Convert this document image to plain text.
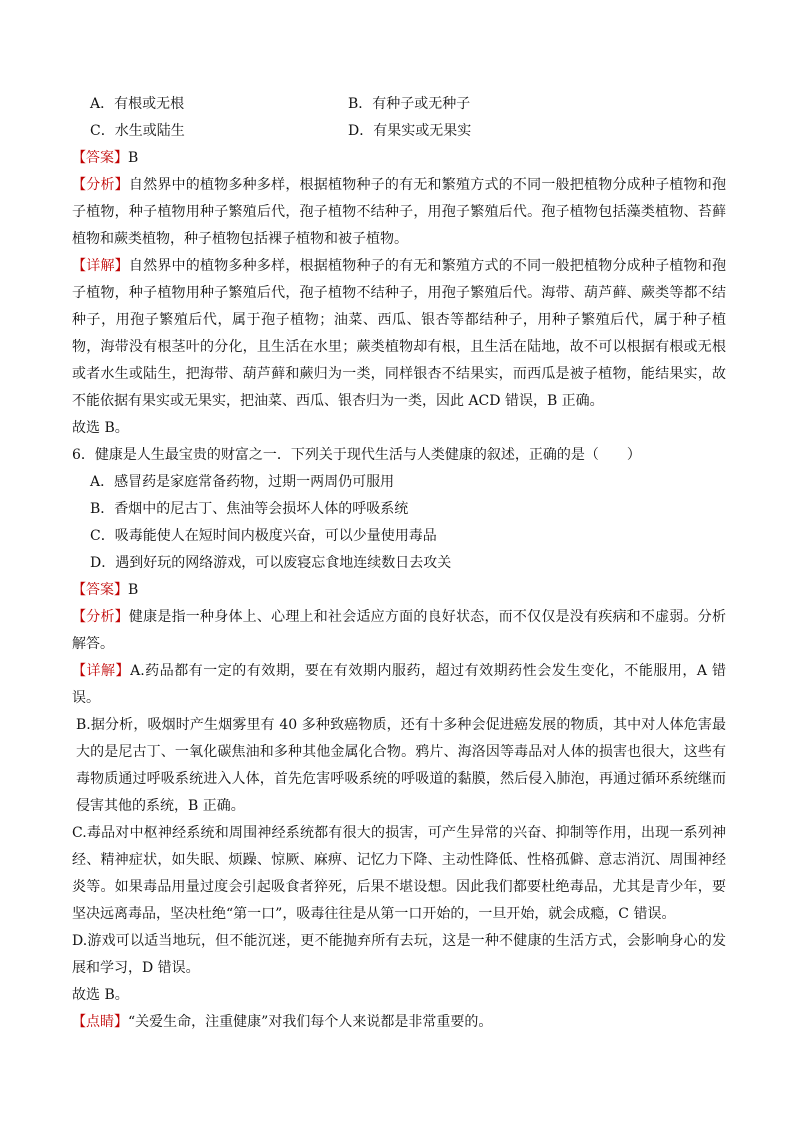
A．有根或无根	B．有种子或无种子
C．水生或陆生	D．有果实或无果实

【答案】B

【分析】自然界中的植物多种多样，根据植物种子的有无和繁殖方式的不同一般把植物分成种子植物和孢子植物，种子植物用种子繁殖后代，孢子植物不结种子，用孢子繁殖后代。孢子植物包括藻类植物、苔藓植物和蕨类植物，种子植物包括裸子植物和被子植物。

【详解】自然界中的植物多种多样，根据植物种子的有无和繁殖方式的不同一般把植物分成种子植物和孢子植物，种子植物用种子繁殖后代，孢子植物不结种子，用孢子繁殖后代。海带、葫芦藓、蕨类等都不结种子，用孢子繁殖后代，属于孢子植物；油菜、西瓜、银杏等都结种子，用种子繁殖后代，属于种子植物，海带没有根茎叶的分化，且生活在水里；蕨类植物却有根，且生活在陆地，故不可以根据有根或无根或者水生或陆生，把海带、葫芦藓和蕨归为一类，同样银杏不结果实，而西瓜是被子植物，能结果实，故不能依据有果实或无果实，把油菜、西瓜、银杏归为一类，因此 ACD 错误，B 正确。

故选 B。

6．健康是人生最宝贵的财富之一．下列关于现代生活与人类健康的叙述，正确的是（　　）

A．感冒药是家庭常备药物，过期一两周仍可服用

B．香烟中的尼古丁、焦油等会损坏人体的呼吸系统

C．吸毒能使人在短时间内极度兴奋，可以少量使用毒品

D．遇到好玩的网络游戏，可以废寝忘食地连续数日去攻关

【答案】B

【分析】健康是指一种身体上、心理上和社会适应方面的良好状态，而不仅仅是没有疾病和不虚弱。分析解答。

【详解】A.药品都有一定的有效期，要在有效期内服药，超过有效期药性会发生变化，不能服用，A 错误。

B.据分析，吸烟时产生烟雾里有 40 多种致癌物质，还有十多种会促进癌发展的物质，其中对人体危害最大的是尼古丁、一氧化碳焦油和多种其他金属化合物。鸦片、海洛因等毒品对人体的损害也很大，这些有毒物质通过呼吸系统进入人体，首先危害呼吸系统的呼吸道的黏膜，然后侵入肺泡，再通过循环系统继而侵害其他的系统，B 正确。

C.毒品对中枢神经系统和周围神经系统都有很大的损害，可产生异常的兴奋、抑制等作用，出现一系列神经、精神症状，如失眠、烦躁、惊厥、麻痹、记忆力下降、主动性降低、性格孤僻、意志消沉、周围神经炎等。如果毒品用量过度会引起吸食者猝死，后果不堪设想。因此我们都要杜绝毒品，尤其是青少年，要坚决远离毒品，坚决杜绝“第一口”，吸毒往往是从第一口开始的，一旦开始，就会成瘾，C 错误。

D.游戏可以适当地玩，但不能沉迷，更不能抛弃所有去玩，这是一种不健康的生活方式，会影响身心的发展和学习，D 错误。

故选 B。

【点睛】“关爱生命，注重健康”对我们每个人来说都是非常重要的。
